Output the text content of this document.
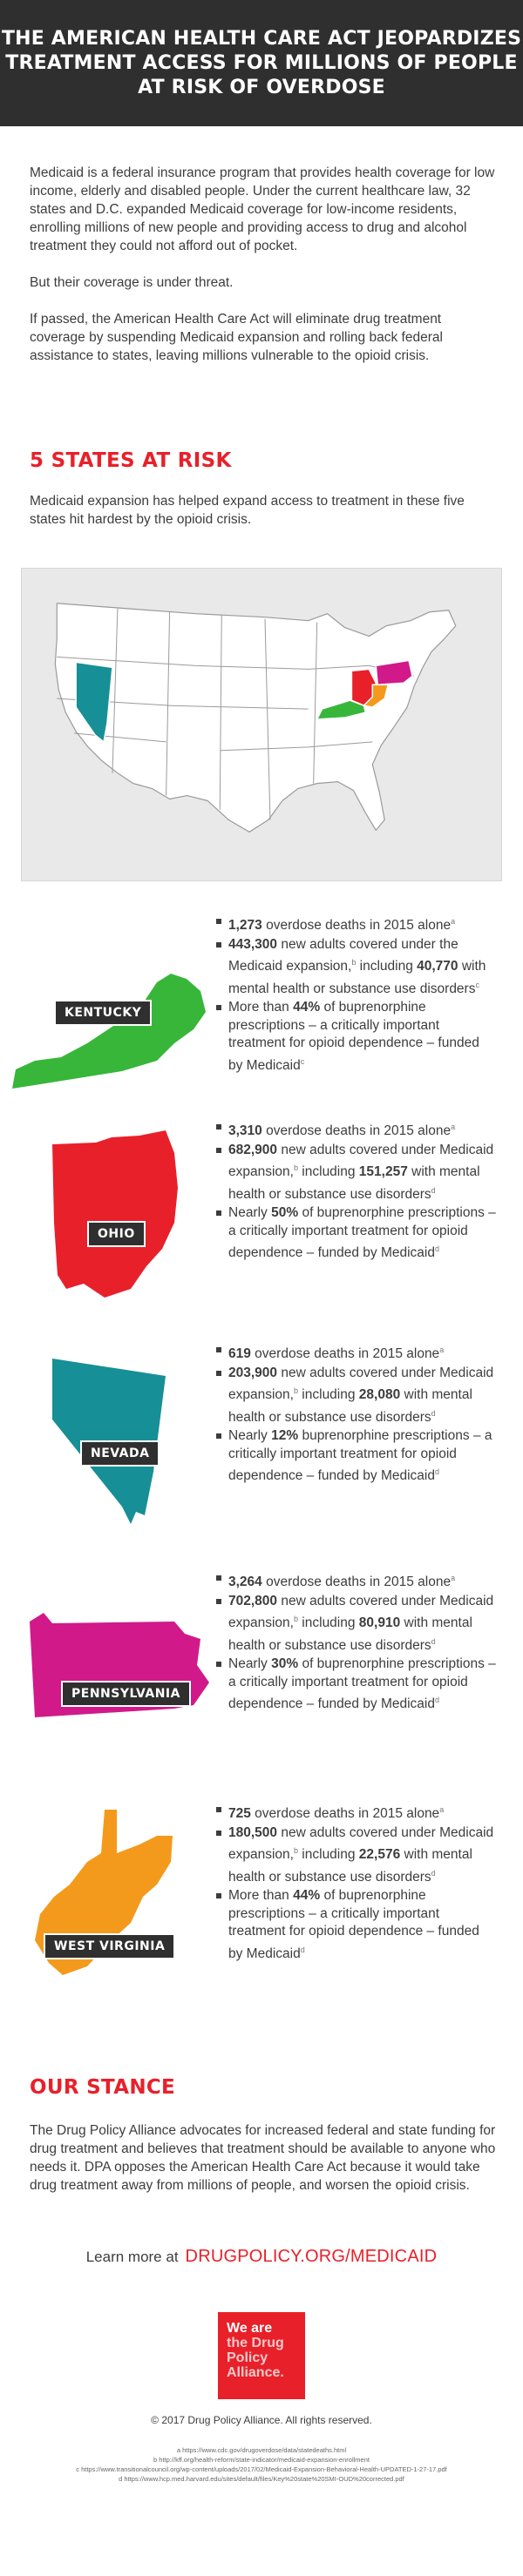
THE AMERICAN HEALTH CARE ACT JEOPARDIZES
TREATMENT ACCESS FOR MILLIONS OF PEOPLE
AT RISK OF OVERDOSE

Medicaid is a federal insurance program that provides health coverage for low income, elderly and disabled people. Under the current healthcare law, 32 states and D.C. expanded Medicaid coverage for low-income residents, enrolling millions of new people and providing access to drug and alcohol treatment they could not afford out of pocket.

But their coverage is under threat.

If passed, the American Health Care Act will eliminate drug treatment coverage by suspending Medicaid expansion and rolling back federal assistance to states, leaving millions vulnerable to the opioid crisis.

5 STATES AT RISK
Medicaid expansion has helped expand access to treatment in these five states hit hardest by the opioid crisis.
KENTUCKY
1,273 overdose deaths in 2015 alone$^a$
443,300 new adults covered under the Medicaid expansion,$^b$ including 40,770 with mental health or substance use disorders$^c$
More than 44% of buprenorphine prescriptions – a critically important treatment for opioid dependence – funded by Medicaid$^c$
OHIO
3,310 overdose deaths in 2015 alone$^a$
682,900 new adults covered under Medicaid expansion,$^b$ including 151,257 with mental health or substance use disorders$^d$
Nearly 50% of buprenorphine prescriptions – a critically important treatment for opioid dependence – funded by Medicaid$^d$
NEVADA
619 overdose deaths in 2015 alone$^a$
203,900 new adults covered under Medicaid expansion,$^b$ including 28,080 with mental health or substance use disorders$^d$
Nearly 12% buprenorphine prescriptions – a critically important treatment for opioid dependence – funded by Medicaid$^d$
PENNSYLVANIA
3,264 overdose deaths in 2015 alone$^a$
702,800 new adults covered under Medicaid expansion,$^b$ including 80,910 with mental health or substance use disorders$^d$
Nearly 30% of buprenorphine prescriptions – a critically important treatment for opioid dependence – funded by Medicaid$^d$
WEST VIRGINIA
725 overdose deaths in 2015 alone$^a$
180,500 new adults covered under Medicaid expansion,$^b$ including 22,576 with mental health or substance use disorders$^d$
More than 44% of buprenorphine prescriptions – a critically important treatment for opioid dependence – funded by Medicaid$^d$
OUR STANCE
The Drug Policy Alliance advocates for increased federal and state funding for drug treatment and believes that treatment should be available to anyone who needs it. DPA opposes the American Health Care Act because it would take drug treatment away from millions of people, and worsen the opioid crisis.
Learn more at DRUGPOLICY.ORG/MEDICAID
We are
the Drug
Policy
Alliance.
© 2017 Drug Policy Alliance. All rights reserved.
a https://www.cdc.gov/drugoverdose/data/statedeaths.html
b http://kff.org/health-reform/state-indicator/medicaid-expansion-enrollment
c https://www.transitionalcouncil.org/wp-content/uploads/2017/02/Medicaid-Expansion-Behavioral-Health-UPDATED-1-27-17.pdf
d https://www.hcp.med.harvard.edu/sites/default/files/Key%20state%20SMI-OUD%20corrected.pdf
